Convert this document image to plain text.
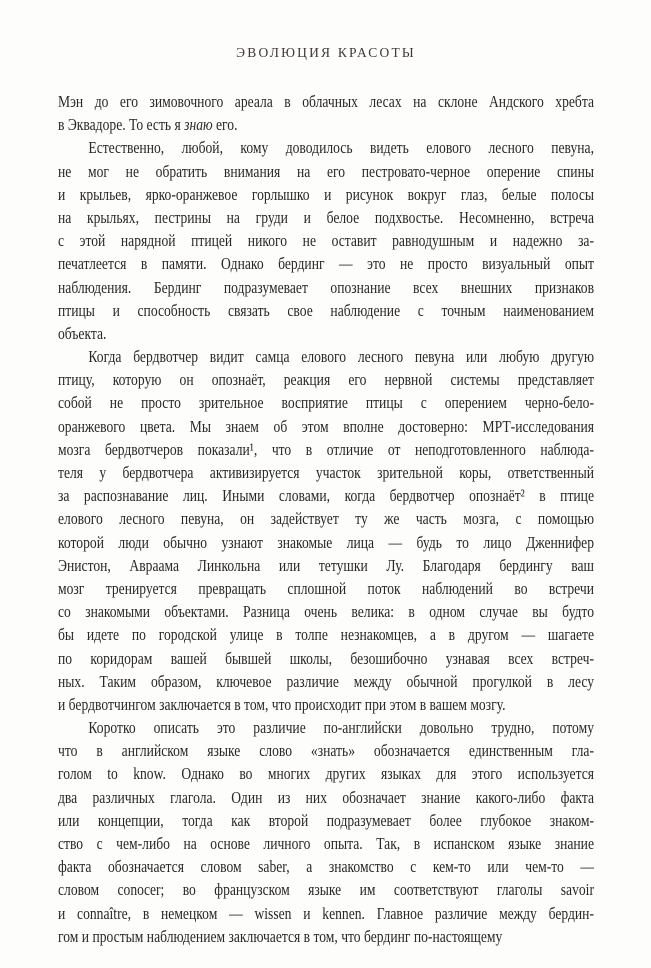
ЭВОЛЮЦИЯ КРАСОТЫ
Мэн до его зимовочного ареала в облачных лесах на склоне Андского хребта
в Эквадоре. То есть я знаю его.
Естественно, любой, кому доводилось видеть елового лесного певуна,
не мог не обратить внимания на его пестровато-черное оперение спины
и крыльев, ярко-оранжевое горлышко и рисунок вокруг глаз, белые полосы
на крыльях, пестрины на груди и белое подхвостье. Несомненно, встреча
с этой нарядной птицей никого не оставит равнодушным и надежно за-
печатлеется в памяти. Однако бердинг — это не просто визуальный опыт
наблюдения. Бердинг подразумевает опознание всех внешних признаков
птицы и способность связать свое наблюдение с точным наименованием
объекта.
Когда бердвотчер видит самца елового лесного певуна или любую другую
птицу, которую он опознаёт, реакция его нервной системы представляет
собой не просто зрительное восприятие птицы с оперением черно-бело-
оранжевого цвета. Мы знаем об этом вполне достоверно: МРТ-исследования
мозга бердвотчеров показали¹, что в отличие от неподготовленного наблюда-
теля у бердвотчера активизируется участок зрительной коры, ответственный
за распознавание лиц. Иными словами, когда бердвотчер опознаёт² в птице
елового лесного певуна, он задействует ту же часть мозга, с помощью
которой люди обычно узнают знакомые лица — будь то лицо Дженнифер
Энистон, Авраама Линкольна или тетушки Лу. Благодаря бердингу ваш
мозг тренируется превращать сплошной поток наблюдений во встречи
со знакомыми объектами. Разница очень велика: в одном случае вы будто
бы идете по городской улице в толпе незнакомцев, а в другом — шагаете
по коридорам вашей бывшей школы, безошибочно узнавая всех встреч-
ных. Таким образом, ключевое различие между обычной прогулкой в лесу
и бердвотчингом заключается в том, что происходит при этом в вашем мозгу.
Коротко описать это различие по-английски довольно трудно, потому
что в английском языке слово «знать» обозначается единственным гла-
голом to know. Однако во многих других языках для этого используется
два различных глагола. Один из них обозначает знание какого-либо факта
или концепции, тогда как второй подразумевает более глубокое знаком-
ство с чем-либо на основе личного опыта. Так, в испанском языке знание
факта обозначается словом saber, а знакомство с кем-то или чем-то —
словом conocer; во французском языке им соответствуют глаголы savoir
и connaître, в немецком — wissen и kennen. Главное различие между бердин-
гом и простым наблюдением заключается в том, что бердинг по-настоящему
